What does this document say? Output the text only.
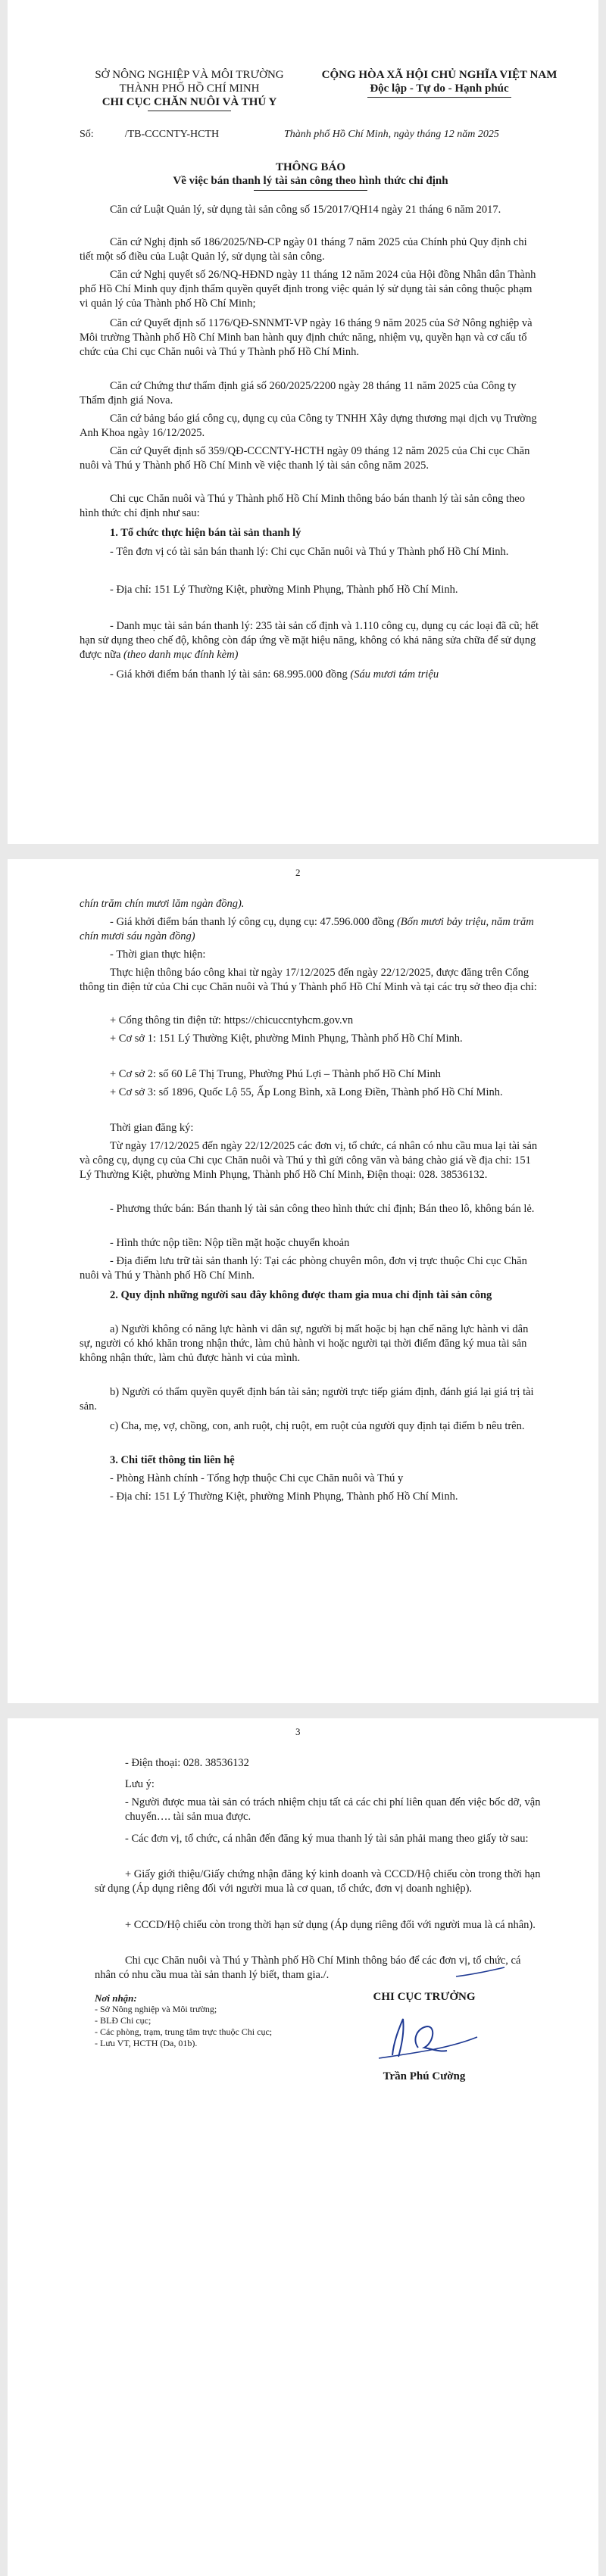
SỞ NÔNG NGHIỆP VÀ MÔI TRƯỜNG
THÀNH PHỐ HỒ CHÍ MINH
CHI CỤC CHĂN NUÔI VÀ THÚ Y
CỘNG HÒA XÃ HỘI CHỦ NGHĨA VIỆT NAM
Độc lập - Tự do - Hạnh phúc
Số:	/TB-CCCNTY-HCTH	Thành phố Hồ Chí Minh, ngày tháng 12 năm 2025
THÔNG BÁO
Về việc bán thanh lý tài sản công theo hình thức chỉ định
Căn cứ Luật Quản lý, sử dụng tài sản công số 15/2017/QH14 ngày 21 tháng 6 năm 2017.
Căn cứ Nghị định số 186/2025/NĐ-CP ngày 01 tháng 7 năm 2025 của Chính phủ Quy định chi tiết một số điều của Luật Quản lý, sử dụng tài sản công.
Căn cứ Nghị quyết số 26/NQ-HĐND ngày 11 tháng 12 năm 2024 của Hội đồng Nhân dân Thành phố Hồ Chí Minh quy định thẩm quyền quyết định trong việc quản lý sử dụng tài sản công thuộc phạm vi quản lý của Thành phố Hồ Chí Minh;
Căn cứ Quyết định số 1176/QĐ-SNNMT-VP ngày 16 tháng 9 năm 2025 của Sở Nông nghiệp và Môi trường Thành phố Hồ Chí Minh ban hành quy định chức năng, nhiệm vụ, quyền hạn và cơ cấu tổ chức của Chi cục Chăn nuôi và Thú y Thành phố Hồ Chí Minh.
Căn cứ Chứng thư thẩm định giá số 260/2025/2200 ngày 28 tháng 11 năm 2025 của Công ty Thẩm định giá Nova.
Căn cứ bảng báo giá công cụ, dụng cụ của Công ty TNHH Xây dựng thương mại dịch vụ Trường Anh Khoa ngày 16/12/2025.
Căn cứ Quyết định số 359/QĐ-CCCNTY-HCTH ngày 09 tháng 12 năm 2025 của Chi cục Chăn nuôi và Thú y Thành phố Hồ Chí Minh về việc thanh lý tài sản công năm 2025.
Chi cục Chăn nuôi và Thú y Thành phố Hồ Chí Minh thông báo bán thanh lý tài sản công theo hình thức chỉ định như sau:
1. Tổ chức thực hiện bán tài sản thanh lý
- Tên đơn vị có tài sản bán thanh lý: Chi cục Chăn nuôi và Thú y Thành phố Hồ Chí Minh.
- Địa chỉ: 151 Lý Thường Kiệt, phường Minh Phụng, Thành phố Hồ Chí Minh.
- Danh mục tài sản bán thanh lý: 235 tài sản cố định và 1.110 công cụ, dụng cụ các loại đã cũ; hết hạn sử dụng theo chế độ, không còn đáp ứng về mặt hiệu năng, không có khả năng sửa chữa để sử dụng được nữa (theo danh mục đính kèm)
- Giá khởi điểm bán thanh lý tài sản: 68.995.000 đồng (Sáu mươi tám triệu
2
chín trăm chín mươi lăm ngàn đồng).
- Giá khởi điểm bán thanh lý công cụ, dụng cụ: 47.596.000 đồng (Bốn mươi bảy triệu, năm trăm chín mươi sáu ngàn đồng)
- Thời gian thực hiện:
Thực hiện thông báo công khai từ ngày 17/12/2025 đến ngày 22/12/2025, được đăng trên Cổng thông tin điện tử của Chi cục Chăn nuôi và Thú y Thành phố Hồ Chí Minh và tại các trụ sở theo địa chỉ:
+ Cổng thông tin điện tử: https://chicuccntyhcm.gov.vn
+ Cơ sở 1: 151 Lý Thường Kiệt, phường Minh Phụng, Thành phố Hồ Chí Minh.
+ Cơ sở 2: số 60 Lê Thị Trung, Phường Phú Lợi – Thành phố Hồ Chí Minh
+ Cơ sở 3: số 1896, Quốc Lộ 55, Ấp Long Bình, xã Long Điền, Thành phố Hồ Chí Minh.
Thời gian đăng ký:
Từ ngày 17/12/2025 đến ngày 22/12/2025 các đơn vị, tổ chức, cá nhân có nhu cầu mua lại tài sản và công cụ, dụng cụ của Chi cục Chăn nuôi và Thú y thì gửi công văn và bảng chào giá về địa chỉ: 151 Lý Thường Kiệt, phường Minh Phụng, Thành phố Hồ Chí Minh, Điện thoại: 028. 38536132.
- Phương thức bán: Bán thanh lý tài sản công theo hình thức chỉ định; Bán theo lô, không bán lẻ.
- Hình thức nộp tiền: Nộp tiền mặt hoặc chuyển khoản
- Địa điểm lưu trữ tài sản thanh lý: Tại các phòng chuyên môn, đơn vị trực thuộc Chi cục Chăn nuôi và Thú y Thành phố Hồ Chí Minh.
2. Quy định những người sau đây không được tham gia mua chỉ định tài sản công
a) Người không có năng lực hành vi dân sự, người bị mất hoặc bị hạn chế năng lực hành vi dân sự, người có khó khăn trong nhận thức, làm chủ hành vi hoặc người tại thời điểm đăng ký mua tài sản không nhận thức, làm chủ được hành vi của mình.
b) Người có thẩm quyền quyết định bán tài sản; người trực tiếp giám định, đánh giá lại giá trị tài sản.
c) Cha, mẹ, vợ, chồng, con, anh ruột, chị ruột, em ruột của người quy định tại điểm b nêu trên.
3. Chi tiết thông tin liên hệ
- Phòng Hành chính - Tổng hợp thuộc Chi cục Chăn nuôi và Thú y
- Địa chỉ: 151 Lý Thường Kiệt, phường Minh Phụng, Thành phố Hồ Chí Minh.
3
- Điện thoại: 028. 38536132
Lưu ý:
- Người được mua tài sản có trách nhiệm chịu tất cả các chi phí liên quan đến việc bốc dỡ, vận chuyển…. tài sản mua được.
- Các đơn vị, tổ chức, cá nhân đến đăng ký mua thanh lý tài sản phải mang theo giấy tờ sau:
+ Giấy giới thiệu/Giấy chứng nhận đăng ký kinh doanh và CCCD/Hộ chiếu còn trong thời hạn sử dụng (Áp dụng riêng đối với người mua là cơ quan, tổ chức, đơn vị doanh nghiệp).
+ CCCD/Hộ chiếu còn trong thời hạn sử dụng (Áp dụng riêng đối với người mua là cá nhân).
Chi cục Chăn nuôi và Thú y Thành phố Hồ Chí Minh thông báo để các đơn vị, tổ chức, cá nhân có nhu cầu mua tài sản thanh lý biết, tham gia./.
Nơi nhận:
- Sở Nông nghiệp và Môi trường;
- BLĐ Chi cục;
- Các phòng, trạm, trung tâm trực thuộc Chi cục;
- Lưu VT, HCTH (Da, 01b).
CHI CỤC TRƯỞNG
Trần Phú Cường
